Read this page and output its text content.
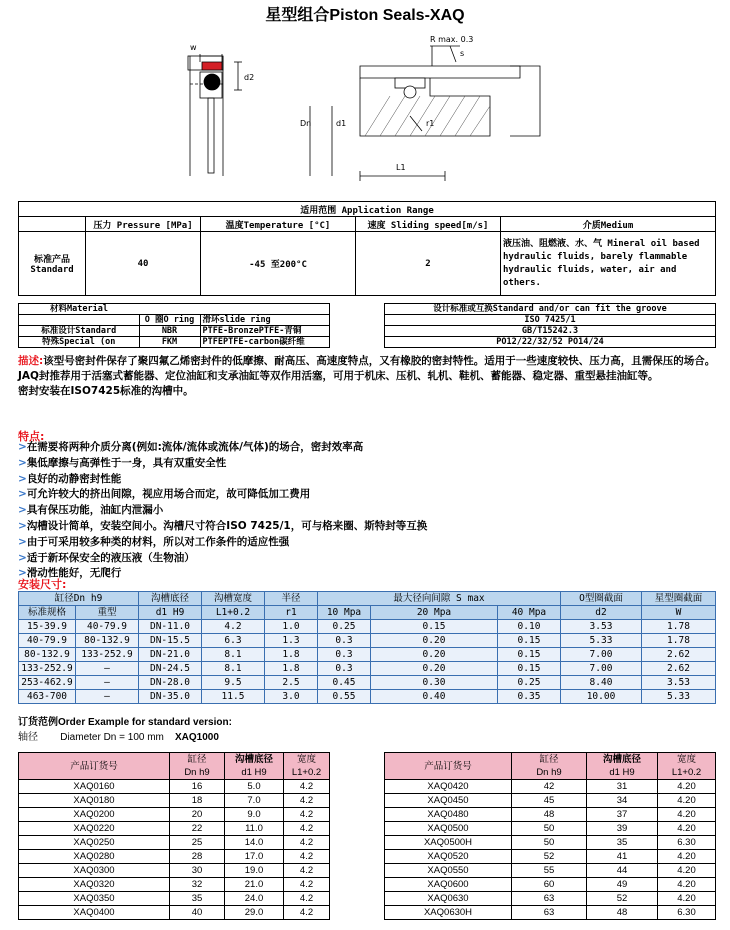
星型组合Piston Seals-XAQ
w
d2
R max. 0.3
s
Dn	d1	r1
L1
适用范围 Application Range				
	压力 Pressure [MPa]	温度Temperature [°C]	速度 Sliding speed[m/s]	介质Medium
标准产品
Standard	40	-45 至200°C	2	液压油、阻燃液、水、气 Mineral oil based hydraulic fluids, barely flammable hydraulic fluids, water, air and others.
材料Material		
	O 圈O ring	滑环slide ring
标准设计Standard	NBR	PTFE-BronzePTFE-青铜
特殊Special (on	FKM	PTFEPTFE-carbon碳纤维
设计标准或互换Standard and/or can fit the groove
ISO 7425/1
GB/T15242.3
PO12/22/32/52 PO14/24
描述:该型号密封件保存了聚四氟乙烯密封件的低摩擦、耐高压、高速度特点，又有橡胶的密封特性。适用于一些速度较快、压力高，且需保压的场合。JAQ封推荐用于活塞式蓄能器、定位油缸和支承油缸等双作用活塞，可用于机床、压机、轧机、鞋机、蓄能器、稳定器、重型悬挂油缸等。
密封安装在ISO7425标准的沟槽中。
特点:
>在需要将两种介质分离(例如:流体/流体或流体/气体)的场合，密封效率高
>集低摩擦与高弹性于一身，具有双重安全性
>良好的动静密封性能
>可允许较大的挤出间隙，视应用场合而定，故可降低加工费用
>具有保压功能，油缸内泄漏小
>沟槽设计简单，安装空间小。沟槽尺寸符合ISO 7425/1，可与格来圈、斯特封等互换
>由于可采用较多种类的材料，所以对工作条件的适应性强
>适于新环保安全的液压液（生物油）
>滑动性能好，无爬行
安装尺寸:
缸径Dn h9		沟槽底径	沟槽宽度	半径	最大径向间隙 S max			O型圈截面	星型圈截面
标准规格	重型	d1 H9	L1+0.2	r1	10 Mpa	20 Mpa	40 Mpa	d2	W
15-39.9	40-79.9	DN-11.0	4.2	1.0	0.25	0.15	0.10	3.53	1.78
40-79.9	80-132.9	DN-15.5	6.3	1.3	0.3	0.20	0.15	5.33	1.78
80-132.9	133-252.9	DN-21.0	8.1	1.8	0.3	0.20	0.15	7.00	2.62
133-252.9	—	DN-24.5	8.1	1.8	0.3	0.20	0.15	7.00	2.62
253-462.9	—	DN-28.0	9.5	2.5	0.45	0.30	0.25	8.40	3.53
463-700	—	DN-35.0	11.5	3.0	0.55	0.40	0.35	10.00	5.33
订货范例Order Example for standard version:
轴径 Diameter Dn = 100 mm XAQ1000
产品订货号	缸径	沟槽底径	宽度
	Dn h9	d1 H9	L1+0.2
XAQ0160	16	5.0	4.2
XAQ0180	18	7.0	4.2
XAQ0200	20	9.0	4.2
XAQ0220	22	11.0	4.2
XAQ0250	25	14.0	4.2
XAQ0280	28	17.0	4.2
XAQ0300	30	19.0	4.2
XAQ0320	32	21.0	4.2
XAQ0350	35	24.0	4.2
XAQ0400	40	29.0	4.2
产品订货号	缸径	沟槽底径	宽度
	Dn h9	d1 H9	L1+0.2
XAQ0420	42	31	4.20
XAQ0450	45	34	4.20
XAQ0480	48	37	4.20
XAQ0500	50	39	4.20
XAQ0500H	50	35	6.30
XAQ0520	52	41	4.20
XAQ0550	55	44	4.20
XAQ0600	60	49	4.20
XAQ0630	63	52	4.20
XAQ0630H	63	48	6.30
